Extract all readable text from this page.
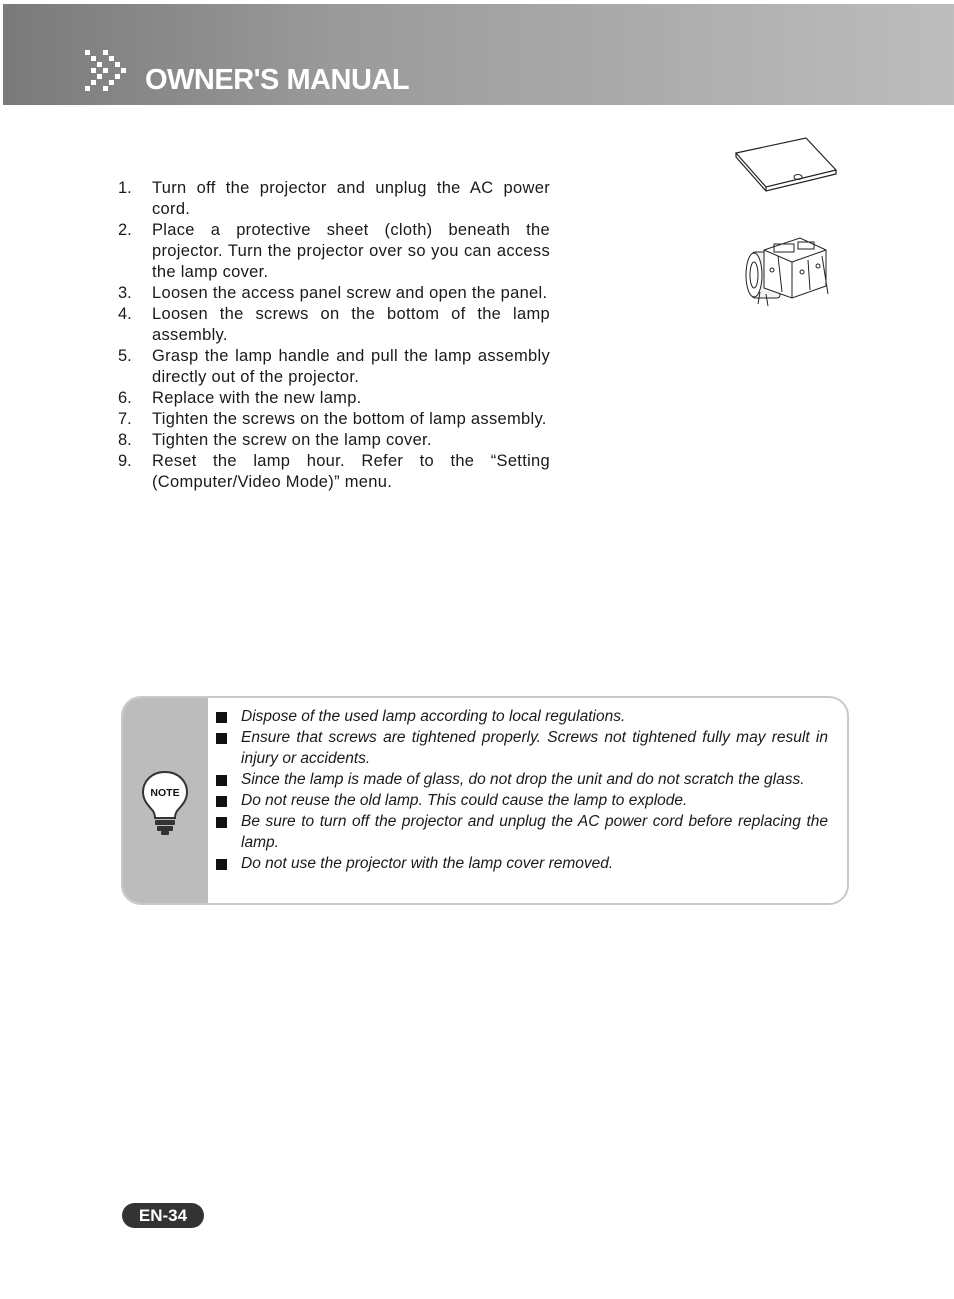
OWNER'S MANUAL
1.	Turn off the projector and unplug the AC power cord.
2.	Place a protective sheet (cloth) beneath the projector. Turn the projector over so you can access the lamp cover.
3.	Loosen the access panel screw and open the panel.
4.	Loosen the screws on the bottom of the lamp assembly.
5.	Grasp the lamp handle and pull the lamp assembly directly out of the projector.
6.	Replace with the new lamp.
7.	Tighten the screws on the bottom of lamp assembly.
8.	Tighten the screw on the lamp cover.
9.	Reset the lamp hour. Refer to the “Setting (Computer/Video Mode)” menu.
NOTE
Dispose of the used lamp according to local regulations.
Ensure that screws are tightened properly. Screws not tightened fully may result in injury or accidents.
Since the lamp is made of glass, do not drop the unit and do not scratch the glass.
Do not reuse the old lamp. This could cause the lamp to explode.
Be sure to turn off the projector and unplug the AC power cord before replacing the lamp.
Do not use the projector with the lamp cover removed.
EN-34
